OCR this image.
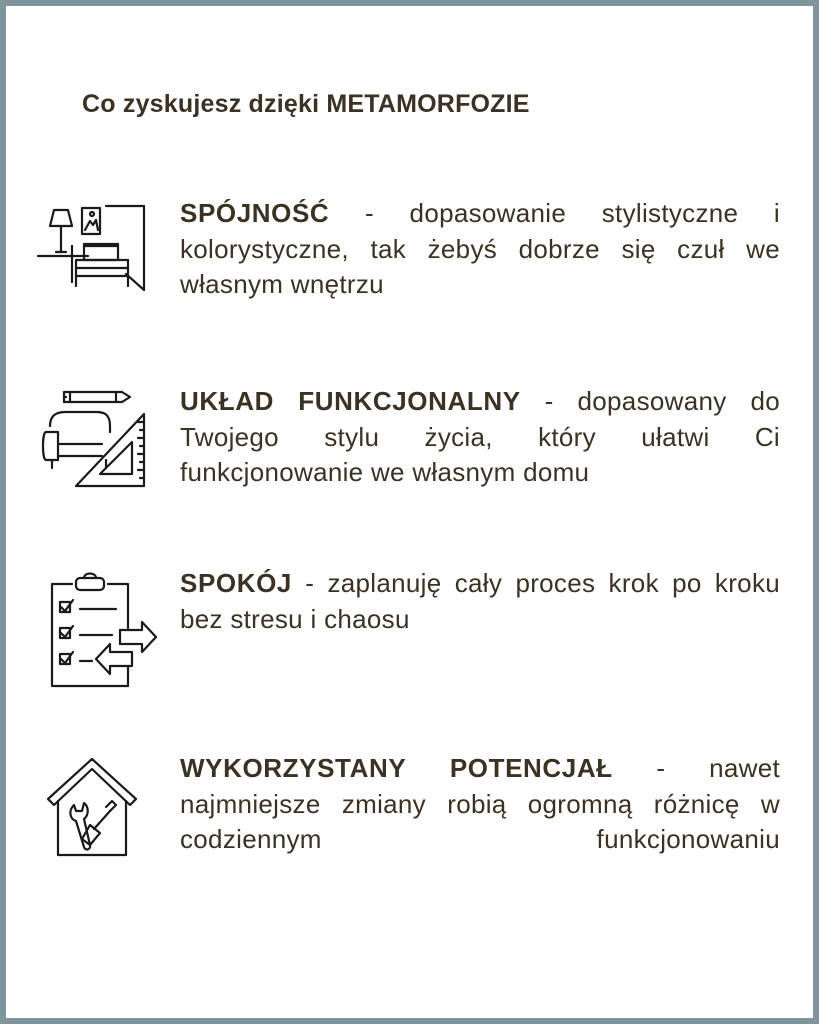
Co zyskujesz dzięki METAMORFOZIE

SPÓJNOŚĆ - dopasowanie stylistyczne i kolorystyczne, tak żebyś dobrze się czuł we własnym wnętrzu

UKŁAD FUNKCJONALNY - dopasowany do Twojego stylu życia, który ułatwi Ci funkcjonowanie we własnym domu

SPOKÓJ - zaplanuję cały proces krok po kroku bez stresu i chaosu

WYKORZYSTANY POTENCJAŁ - nawet najmniejsze zmiany robią ogromną różnicę w codziennym funkcjonowaniu
